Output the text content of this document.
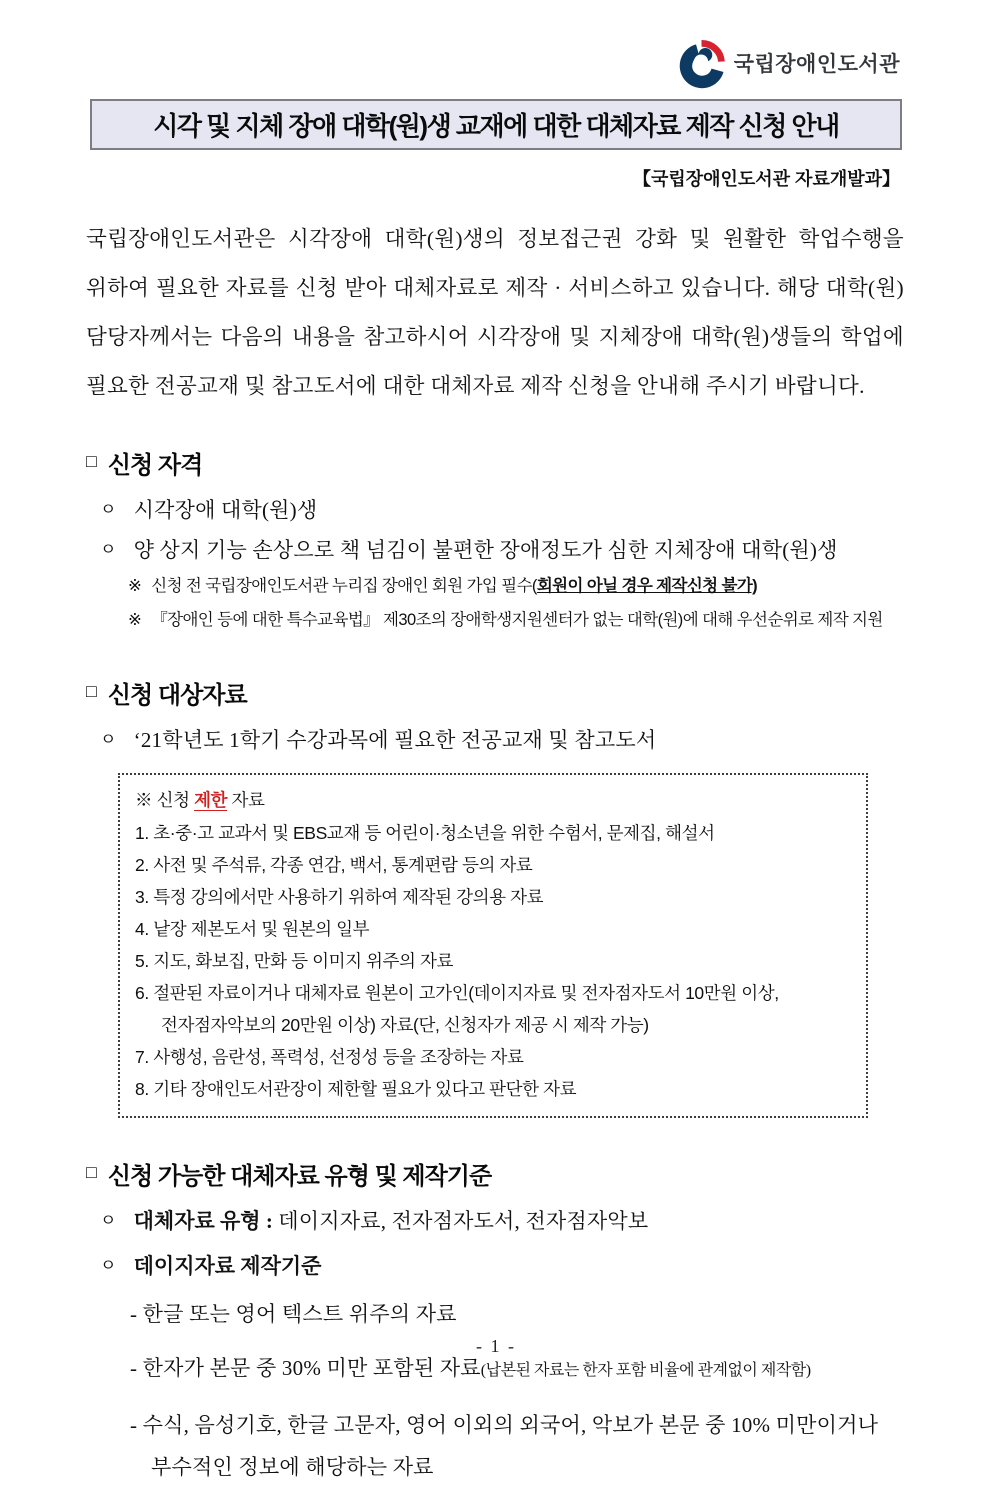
국립장애인도서관
시각 및 지체 장애 대학(원)생 교재에 대한 대체자료 제작 신청 안내
【국립장애인도서관 자료개발과】

국립장애인도서관은 시각장애 대학(원)생의 정보접근권 강화 및 원활한 학업수행을 위하여 필요한 자료를 신청 받아 대체자료로 제작 · 서비스하고 있습니다. 해당 대학(원) 담당자께서는 다음의 내용을 참고하시어 시각장애 및 지체장애 대학(원)생들의 학업에 필요한 전공교재 및 참고도서에 대한 대체자료 제작 신청을 안내해 주시기 바랍니다.

□ 신청 자격
ㅇ 시각장애 대학(원)생
ㅇ 양 상지 기능 손상으로 책 넘김이 불편한 장애정도가 심한 지체장애 대학(원)생
※ 신청 전 국립장애인도서관 누리집 장애인 회원 가입 필수(회원이 아닐 경우 제작신청 불가)
※ 『장애인 등에 대한 특수교육법』 제30조의 장애학생지원센터가 없는 대학(원)에 대해 우선순위로 제작 지원
□ 신청 대상자료
ㅇ ‘21학년도 1학기 수강과목에 필요한 전공교재 및 참고도서
※ 신청 제한 자료
1. 초·중·고 교과서 및 EBS교재 등 어린이·청소년을 위한 수험서, 문제집, 해설서
2. 사전 및 주석류, 각종 연감, 백서, 통계편람 등의 자료
3. 특정 강의에서만 사용하기 위하여 제작된 강의용 자료
4. 낱장 제본도서 및 원본의 일부
5. 지도, 화보집, 만화 등 이미지 위주의 자료
6. 절판된 자료이거나 대체자료 원본이 고가인(데이지자료 및 전자점자도서 10만원 이상, 전자점자악보의 20만원 이상) 자료(단, 신청자가 제공 시 제작 가능)
7. 사행성, 음란성, 폭력성, 선정성 등을 조장하는 자료
8. 기타 장애인도서관장이 제한할 필요가 있다고 판단한 자료
□ 신청 가능한 대체자료 유형 및 제작기준
ㅇ 대체자료 유형 : 데이지자료, 전자점자도서, 전자점자악보
ㅇ 데이지자료 제작기준
- 한글 또는 영어 텍스트 위주의 자료
- 한자가 본문 중 30% 미만 포함된 자료(납본된 자료는 한자 포함 비율에 관계없이 제작함)
- 수식, 음성기호, 한글 고문자, 영어 이외의 외국어, 악보가 본문 중 10% 미만이거나 부수적인 정보에 해당하는 자료
- 1 -
